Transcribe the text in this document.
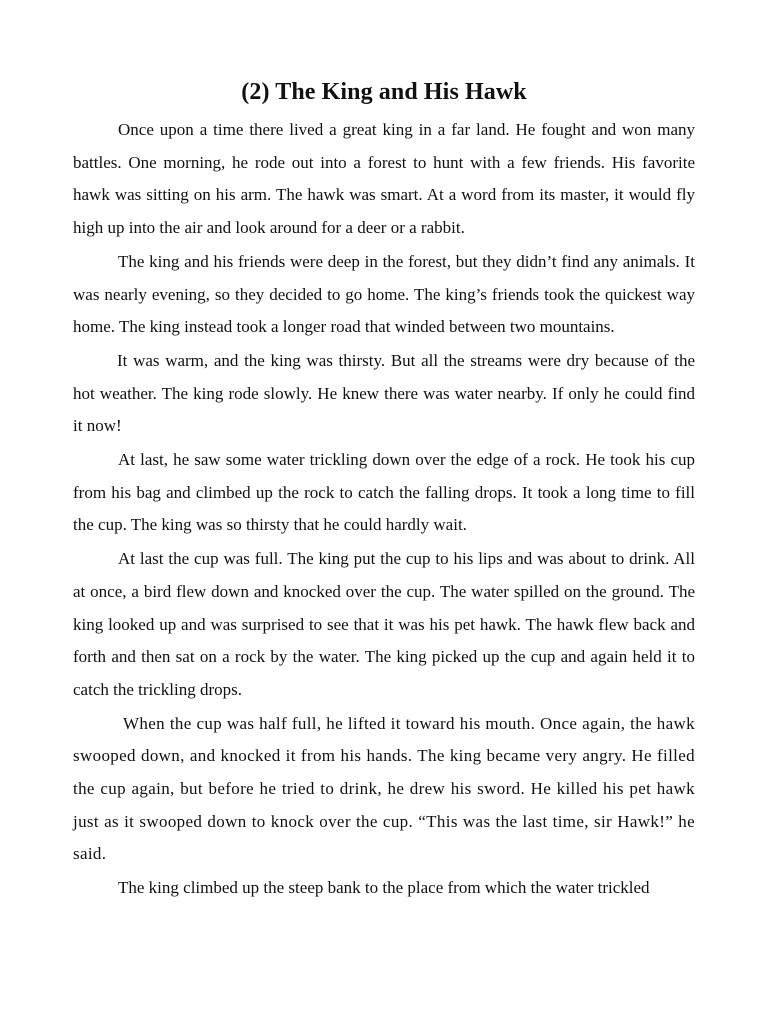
(2) The King and His Hawk

Once upon a time there lived a great king in a far land. He fought and won many battles. One morning, he rode out into a forest to hunt with a few friends. His favorite hawk was sitting on his arm. The hawk was smart. At a word from its master, it would fly high up into the air and look around for a deer or a rabbit.

The king and his friends were deep in the forest, but they didn’t find any animals. It was nearly evening, so they decided to go home. The king’s friends took the quickest way home. The king instead took a longer road that winded between two mountains.

It was warm, and the king was thirsty. But all the streams were dry because of the hot weather. The king rode slowly. He knew there was water nearby. If only he could find it now!

At last, he saw some water trickling down over the edge of a rock. He took his cup from his bag and climbed up the rock to catch the falling drops. It took a long time to fill the cup. The king was so thirsty that he could hardly wait.

At last the cup was full. The king put the cup to his lips and was about to drink. All at once, a bird flew down and knocked over the cup. The water spilled on the ground. The king looked up and was surprised to see that it was his pet hawk. The hawk flew back and forth and then sat on a rock by the water. The king picked up the cup and again held it to catch the trickling drops.

When the cup was half full, he lifted it toward his mouth. Once again, the hawk swooped down, and knocked it from his hands. The king became very angry. He filled the cup again, but before he tried to drink, he drew his sword. He killed his pet hawk just as it swooped down to knock over the cup. “This was the last time, sir Hawk!” he said.

The king climbed up the steep bank to the place from which the water trickled
